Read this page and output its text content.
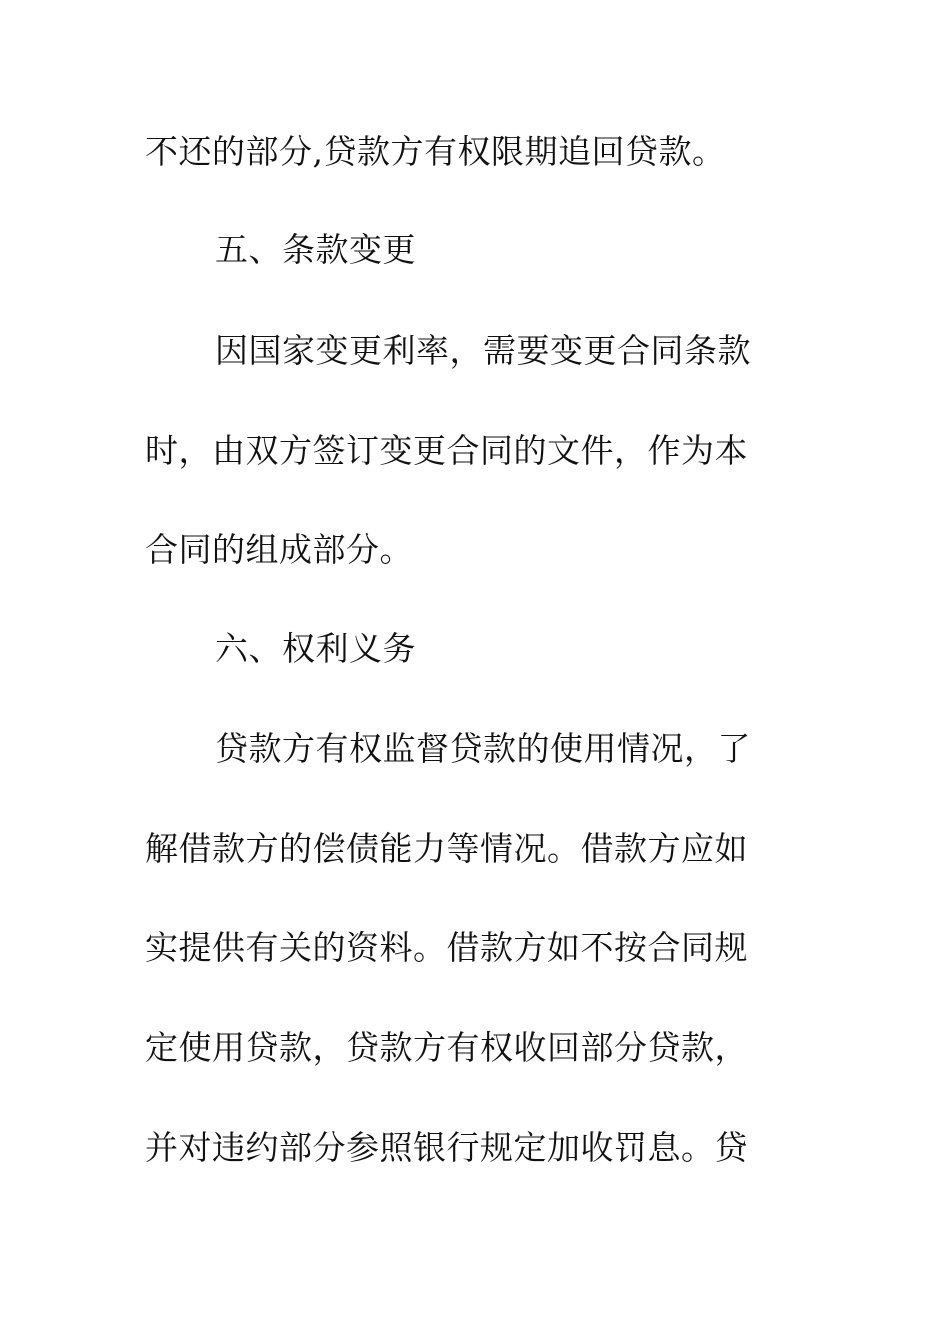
不还的部分,贷款方有权限期追回贷款。
五、条款变更
因国家变更利率，需要变更合同条款
时，由双方签订变更合同的文件，作为本
合同的组成部分。
六、权利义务
贷款方有权监督贷款的使用情况，了
解借款方的偿债能力等情况。借款方应如
实提供有关的资料。借款方如不按合同规
定使用贷款，贷款方有权收回部分贷款，
并对违约部分参照银行规定加收罚息。贷
